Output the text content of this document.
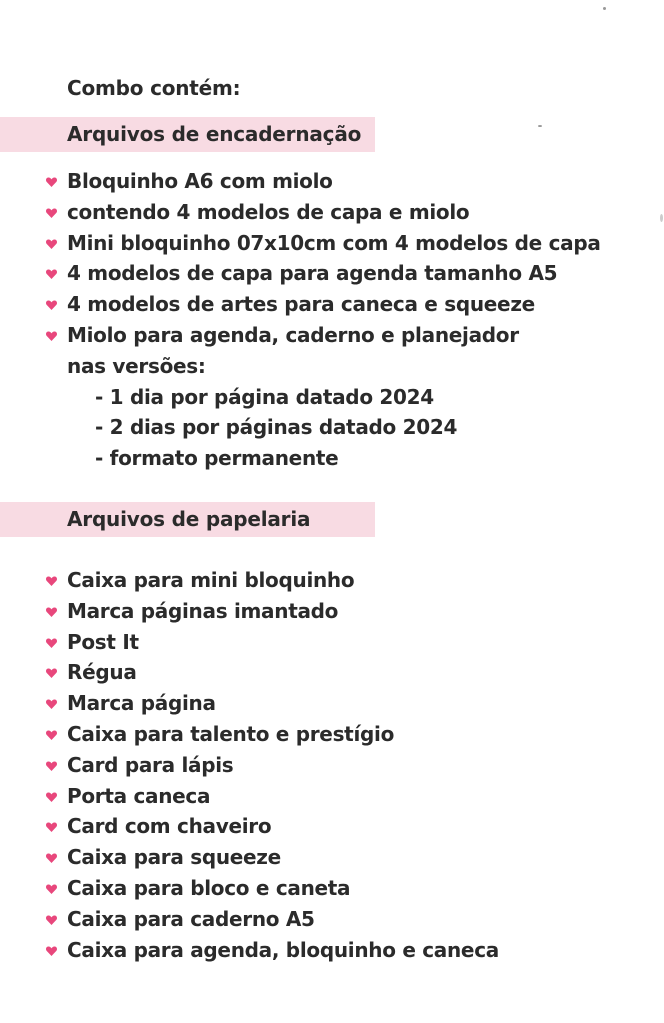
Combo contém:
Arquivos de encadernação
Bloquinho A6 com miolo
contendo 4 modelos de capa e miolo
Mini bloquinho 07x10cm com 4 modelos de capa
4 modelos de capa para agenda tamanho A5
4 modelos de artes para caneca e squeeze
Miolo para agenda, caderno e planejador
nas versões:
- 1 dia por página datado 2024
- 2 dias por páginas datado 2024
- formato permanente
Arquivos de papelaria
Caixa para mini bloquinho
Marca páginas imantado
Post It
Régua
Marca página
Caixa para talento e prestígio
Card para lápis
Porta caneca
Card com chaveiro
Caixa para squeeze
Caixa para bloco e caneta
Caixa para caderno A5
Caixa para agenda, bloquinho e caneca
